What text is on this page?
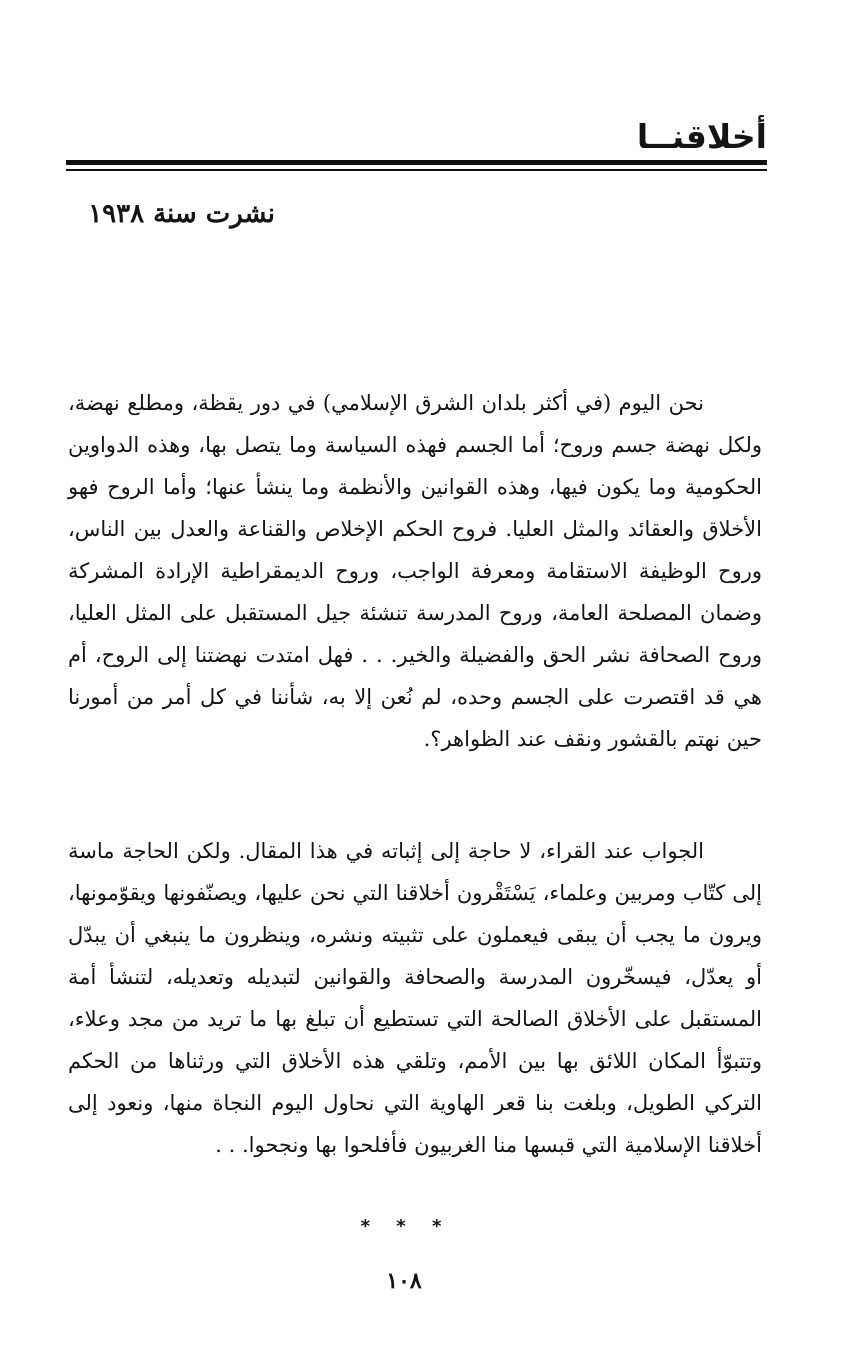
أخلاقنــا
نشرت سنة ١٩٣٨

نحن اليوم (في أكثر بلدان الشرق الإسلامي) في دور يقظة، ومطلع نهضة، ولكل نهضة جسم وروح؛ أما الجسم فهذه السياسة وما يتصل بها، وهذه الدواوين الحكومية وما يكون فيها، وهذه القوانين والأنظمة وما ينشأ عنها؛ وأما الروح فهو الأخلاق والعقائد والمثل العليا. فروح الحكم الإخلاص والقناعة والعدل بين الناس، وروح الوظيفة الاستقامة ومعرفة الواجب، وروح الديمقراطية الإرادة المشركة وضمان المصلحة العامة، وروح المدرسة تنشئة جيل المستقبل على المثل العليا، وروح الصحافة نشر الحق والفضيلة والخير. . . فهل امتدت نهضتنا إلى الروح، أم هي قد اقتصرت على الجسم وحده، لم نُعن إلا به، شأننا في كل أمر من أمورنا حين نهتم بالقشور ونقف عند الظواهر؟.

الجواب عند القراء، لا حاجة إلى إثباته في هذا المقال. ولكن الحاجة ماسة إلى كتّاب ومربين وعلماء، يَسْتَقْرون أخلاقنا التي نحن عليها، ويصنّفونها ويقوّمونها، ويرون ما يجب أن يبقى فيعملون على تثبيته ونشره، وينظرون ما ينبغي أن يبدّل أو يعدّل، فيسخّرون المدرسة والصحافة والقوانين لتبديله وتعديله، لتنشأ أمة المستقبل على الأخلاق الصالحة التي تستطيع أن تبلغ بها ما تريد من مجد وعلاء، وتتبوّأ المكان اللائق بها بين الأمم، وتلقي هذه الأخلاق التي ورثناها من الحكم التركي الطويل، وبلغت بنا قعر الهاوية التي نحاول اليوم النجاة منها، ونعود إلى أخلاقنا الإسلامية التي قبسها منا الغربيون فأفلحوا بها ونجحوا. . .

* * *
١٠٨
